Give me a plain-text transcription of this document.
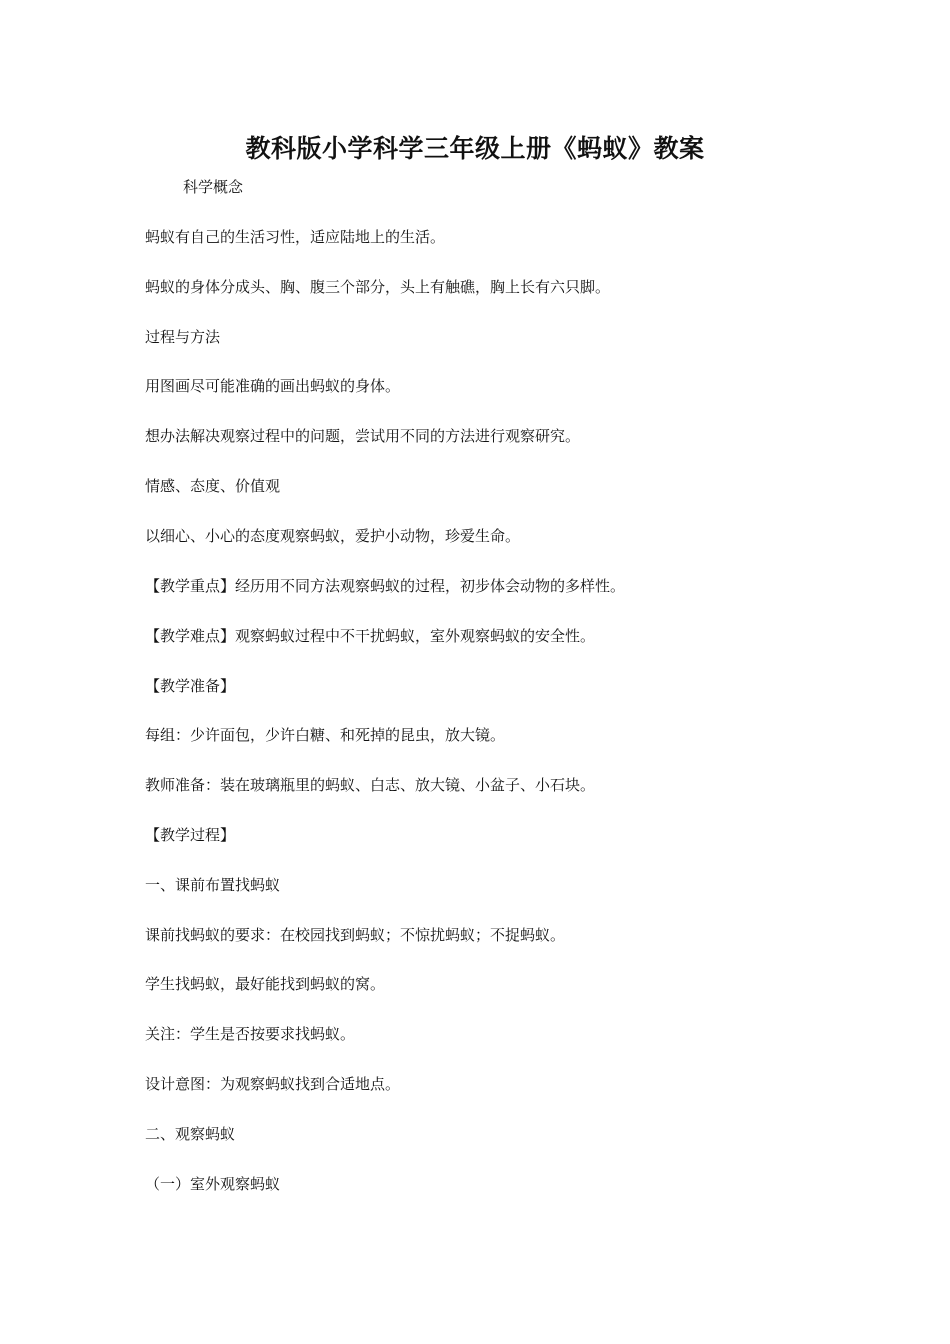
教科版小学科学三年级上册《蚂蚁》教案
科学概念
蚂蚁有自己的生活习性，适应陆地上的生活。
蚂蚁的身体分成头、胸、腹三个部分，头上有触礁，胸上长有六只脚。
过程与方法
用图画尽可能准确的画出蚂蚁的身体。
想办法解决观察过程中的问题，尝试用不同的方法进行观察研究。
情感、态度、价值观
以细心、小心的态度观察蚂蚁，爱护小动物，珍爱生命。
【教学重点】经历用不同方法观察蚂蚁的过程，初步体会动物的多样性。
【教学难点】观察蚂蚁过程中不干扰蚂蚁，室外观察蚂蚁的安全性。
【教学准备】
每组：少许面包，少许白糖、和死掉的昆虫，放大镜。
教师准备：装在玻璃瓶里的蚂蚁、白志、放大镜、小盆子、小石块。
【教学过程】
一、课前布置找蚂蚁
课前找蚂蚁的要求：在校园找到蚂蚁；不惊扰蚂蚁；不捉蚂蚁。
学生找蚂蚁，最好能找到蚂蚁的窝。
关注：学生是否按要求找蚂蚁。
设计意图：为观察蚂蚁找到合适地点。
二、观察蚂蚁
（一）室外观察蚂蚁
